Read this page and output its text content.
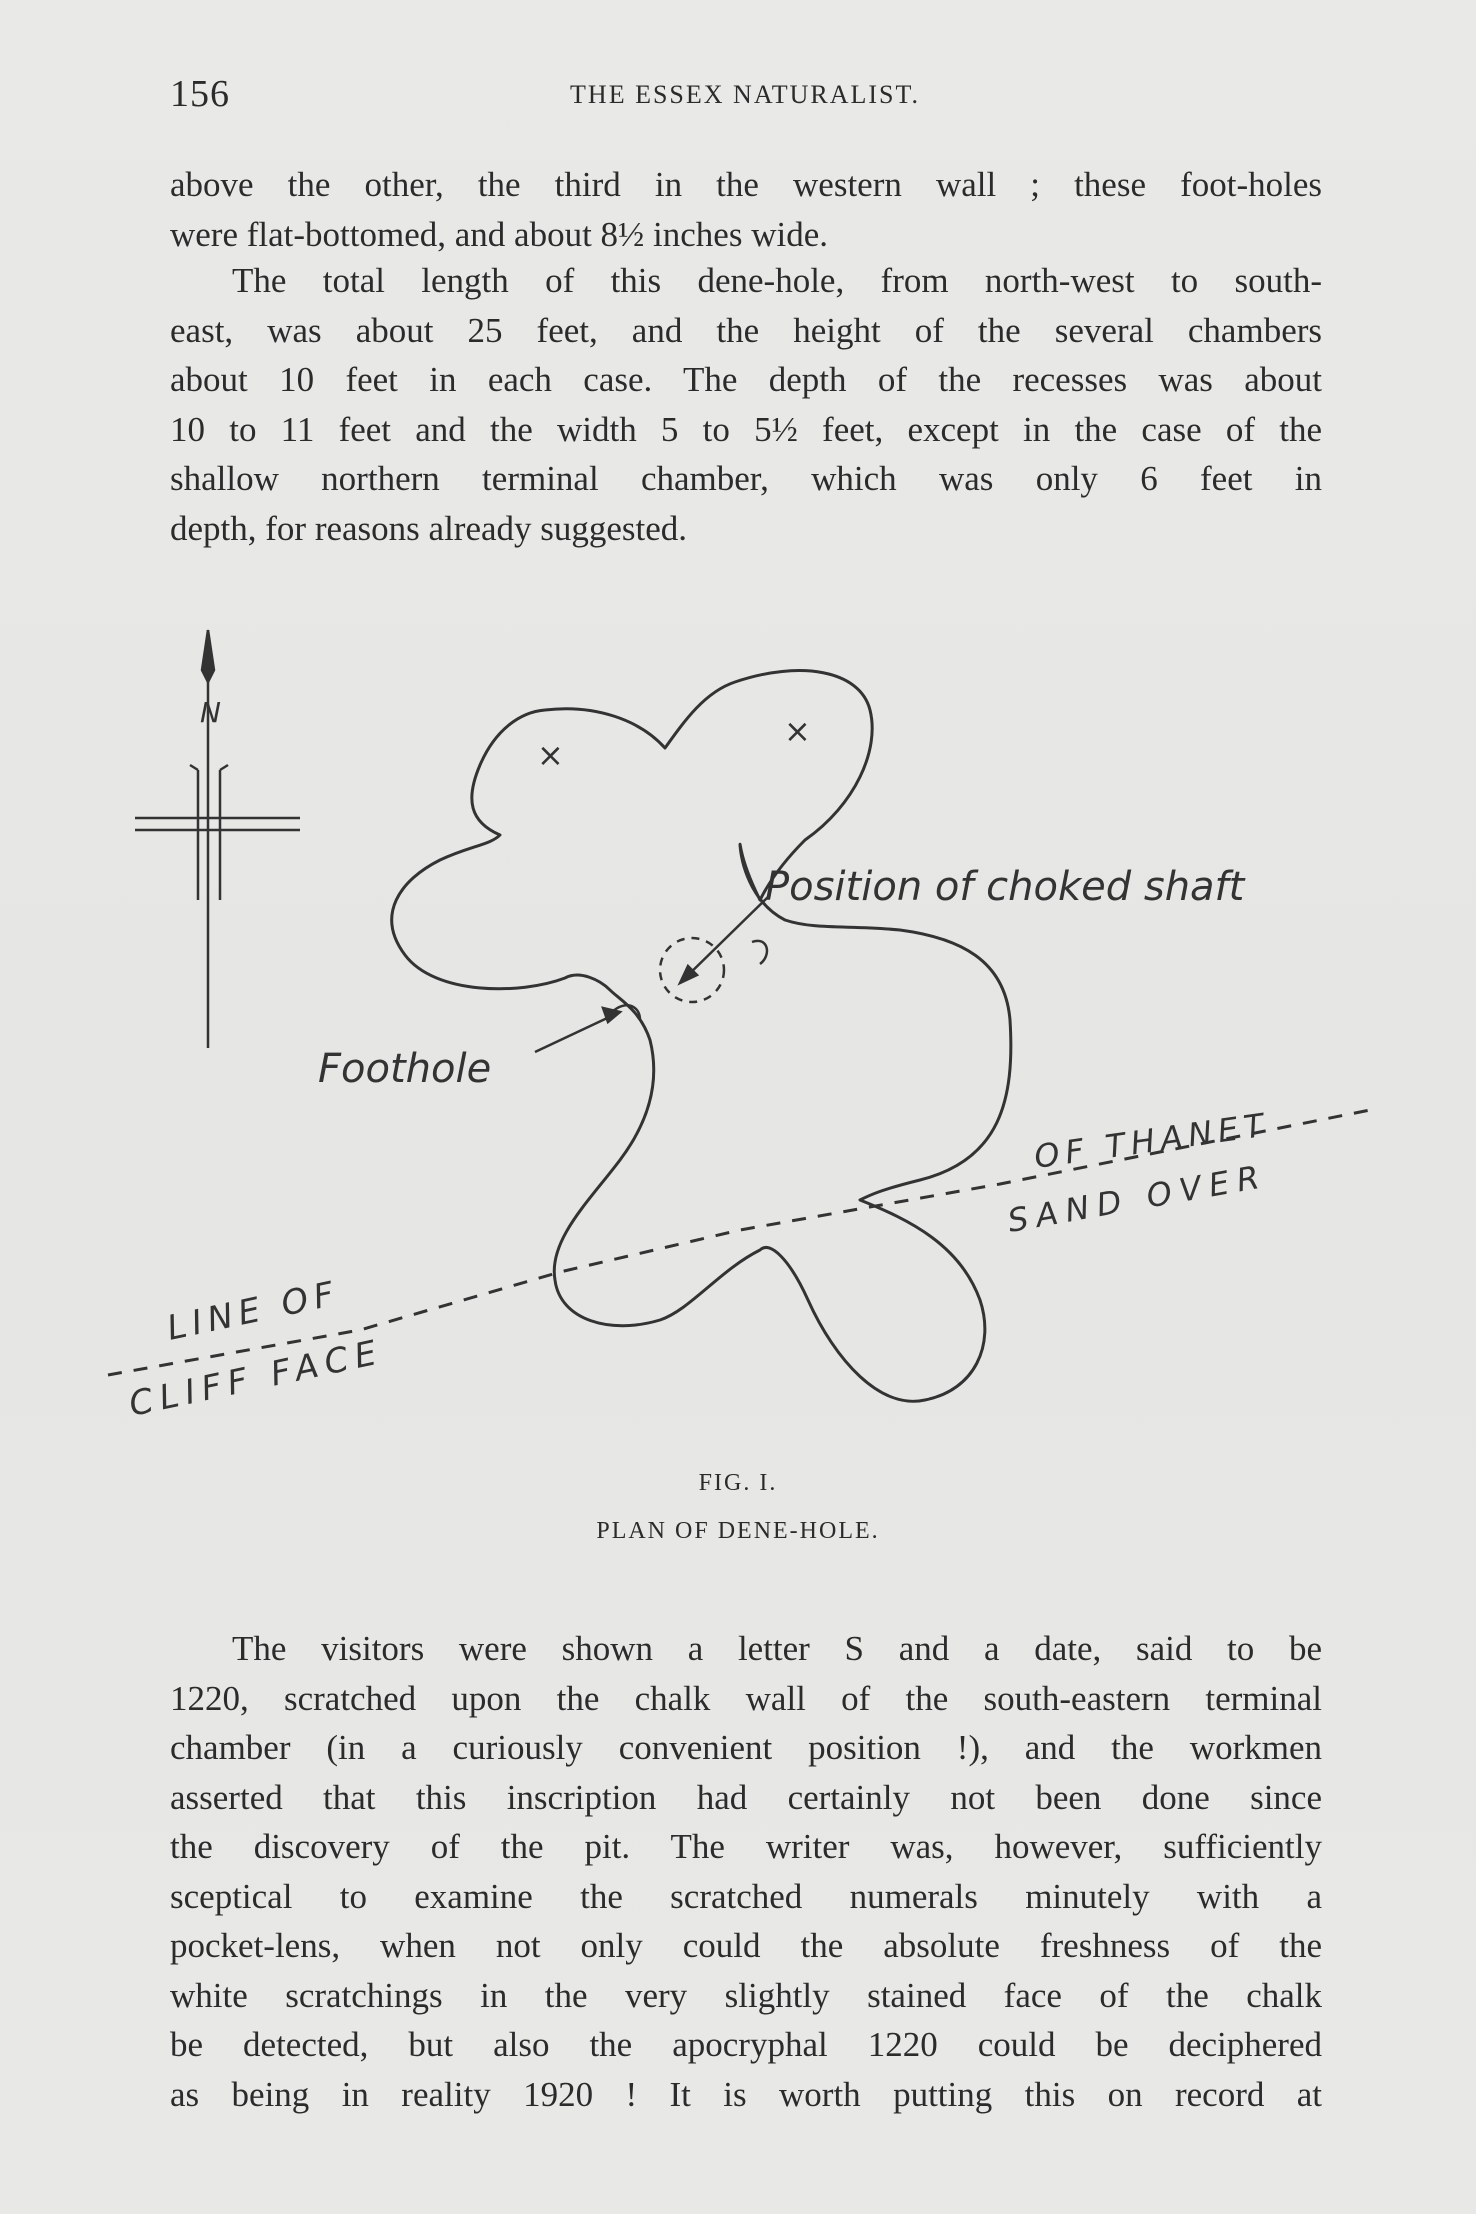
156	THE ESSEX NATURALIST.

above the other, the third in the western wall ; these foot-holes
were flat-bottomed, and about 8½ inches wide.

The total length of this dene-hole, from north-west to south-
east, was about 25 feet, and the height of the several chambers
about 10 feet in each case. The depth of the recesses was about
10 to 11 feet and the width 5 to 5½ feet, except in the case of the
shallow northern terminal chamber, which was only 6 feet in
depth, for reasons already suggested.

N
×
×
Position of choked shaft
Foothole
LINE OF
CLIFF FACE
OF THANET
SAND OVER
FIG. I.
PLAN OF DENE-HOLE.

The visitors were shown a letter S and a date, said to be
1220, scratched upon the chalk wall of the south-eastern terminal
chamber (in a curiously convenient position !), and the workmen
asserted that this inscription had certainly not been done since
the discovery of the pit. The writer was, however, sufficiently
sceptical to examine the scratched numerals minutely with a
pocket-lens, when not only could the absolute freshness of the
white scratchings in the very slightly stained face of the chalk
be detected, but also the apocryphal 1220 could be deciphered
as being in reality 1920 ! It is worth putting this on record at
